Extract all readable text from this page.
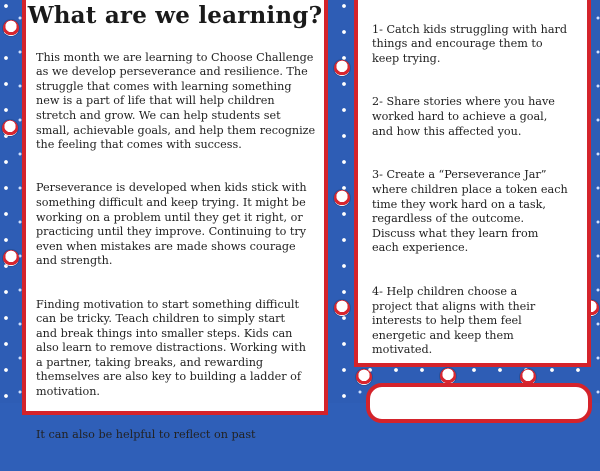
What are we learning?

This month we are learning to Choose Challenge
as we develop perseverance and resilience. The
struggle that comes with learning something
new is a part of life that will help children
stretch and grow. We can help students set
small, achievable goals, and help them recognize
the feeling that comes with success.

Perseverance is developed when kids stick with
something difficult and keep trying. It might be
working on a problem until they get it right, or
practicing until they improve. Continuing to try
even when mistakes are made shows courage
and strength.

Finding motivation to start something difficult
can be tricky. Teach children to simply start
and break things into smaller steps. Kids can
also learn to remove distractions. Working with
a partner, taking breaks, and rewarding
themselves are also key to building a ladder of
motivation.

It can also be helpful to reflect on past

1- Catch kids struggling with hard
things and encourage them to
keep trying.

2- Share stories where you have
worked hard to achieve a goal,
and how this affected you.

3- Create a “Perseverance Jar”
where children place a token each
time they work hard on a task,
regardless of the outcome.
Discuss what they learn from
each experience.

4- Help children choose a
project that aligns with their
interests to help them feel
energetic and keep them
motivated.
